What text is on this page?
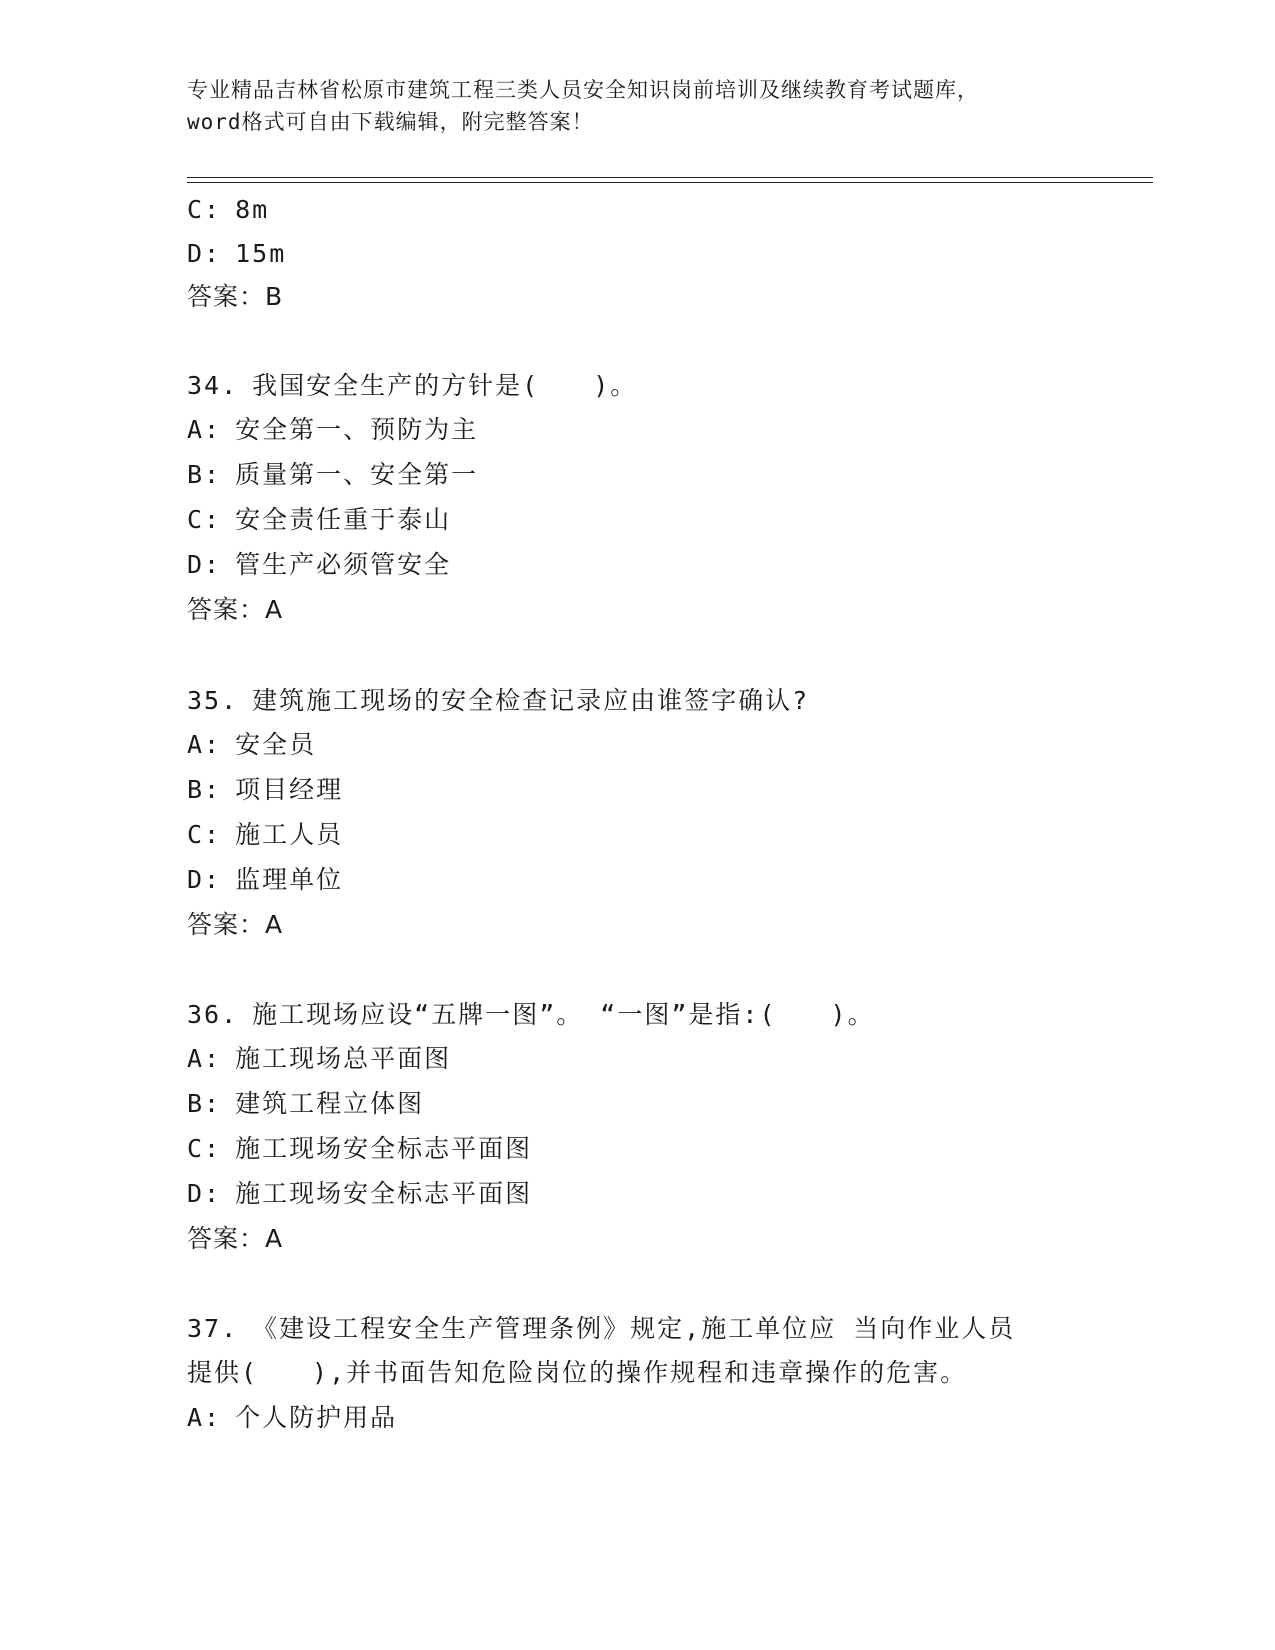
专业精品吉林省松原市建筑工程三类人员安全知识岗前培训及继续教育考试题库，
word格式可自由下载编辑，附完整答案！
C: 8m
D: 15m
答案：B
34. 我国安全生产的方针是(　　)。
A: 安全第一、预防为主
B: 质量第一、安全第一
C: 安全责任重于泰山
D: 管生产必须管安全
答案：A
35. 建筑施工现场的安全检查记录应由谁签字确认?
A: 安全员
B: 项目经理
C: 施工人员
D: 监理单位
答案：A
36. 施工现场应设“五牌一图”。 “一图”是指:(　　)。
A: 施工现场总平面图
B: 建筑工程立体图
C: 施工现场安全标志平面图
D: 施工现场安全标志平面图
答案：A
37. 《建设工程安全生产管理条例》规定,施工单位应 当向作业人员
提供(　　),并书面告知危险岗位的操作规程和违章操作的危害。
A: 个人防护用品
